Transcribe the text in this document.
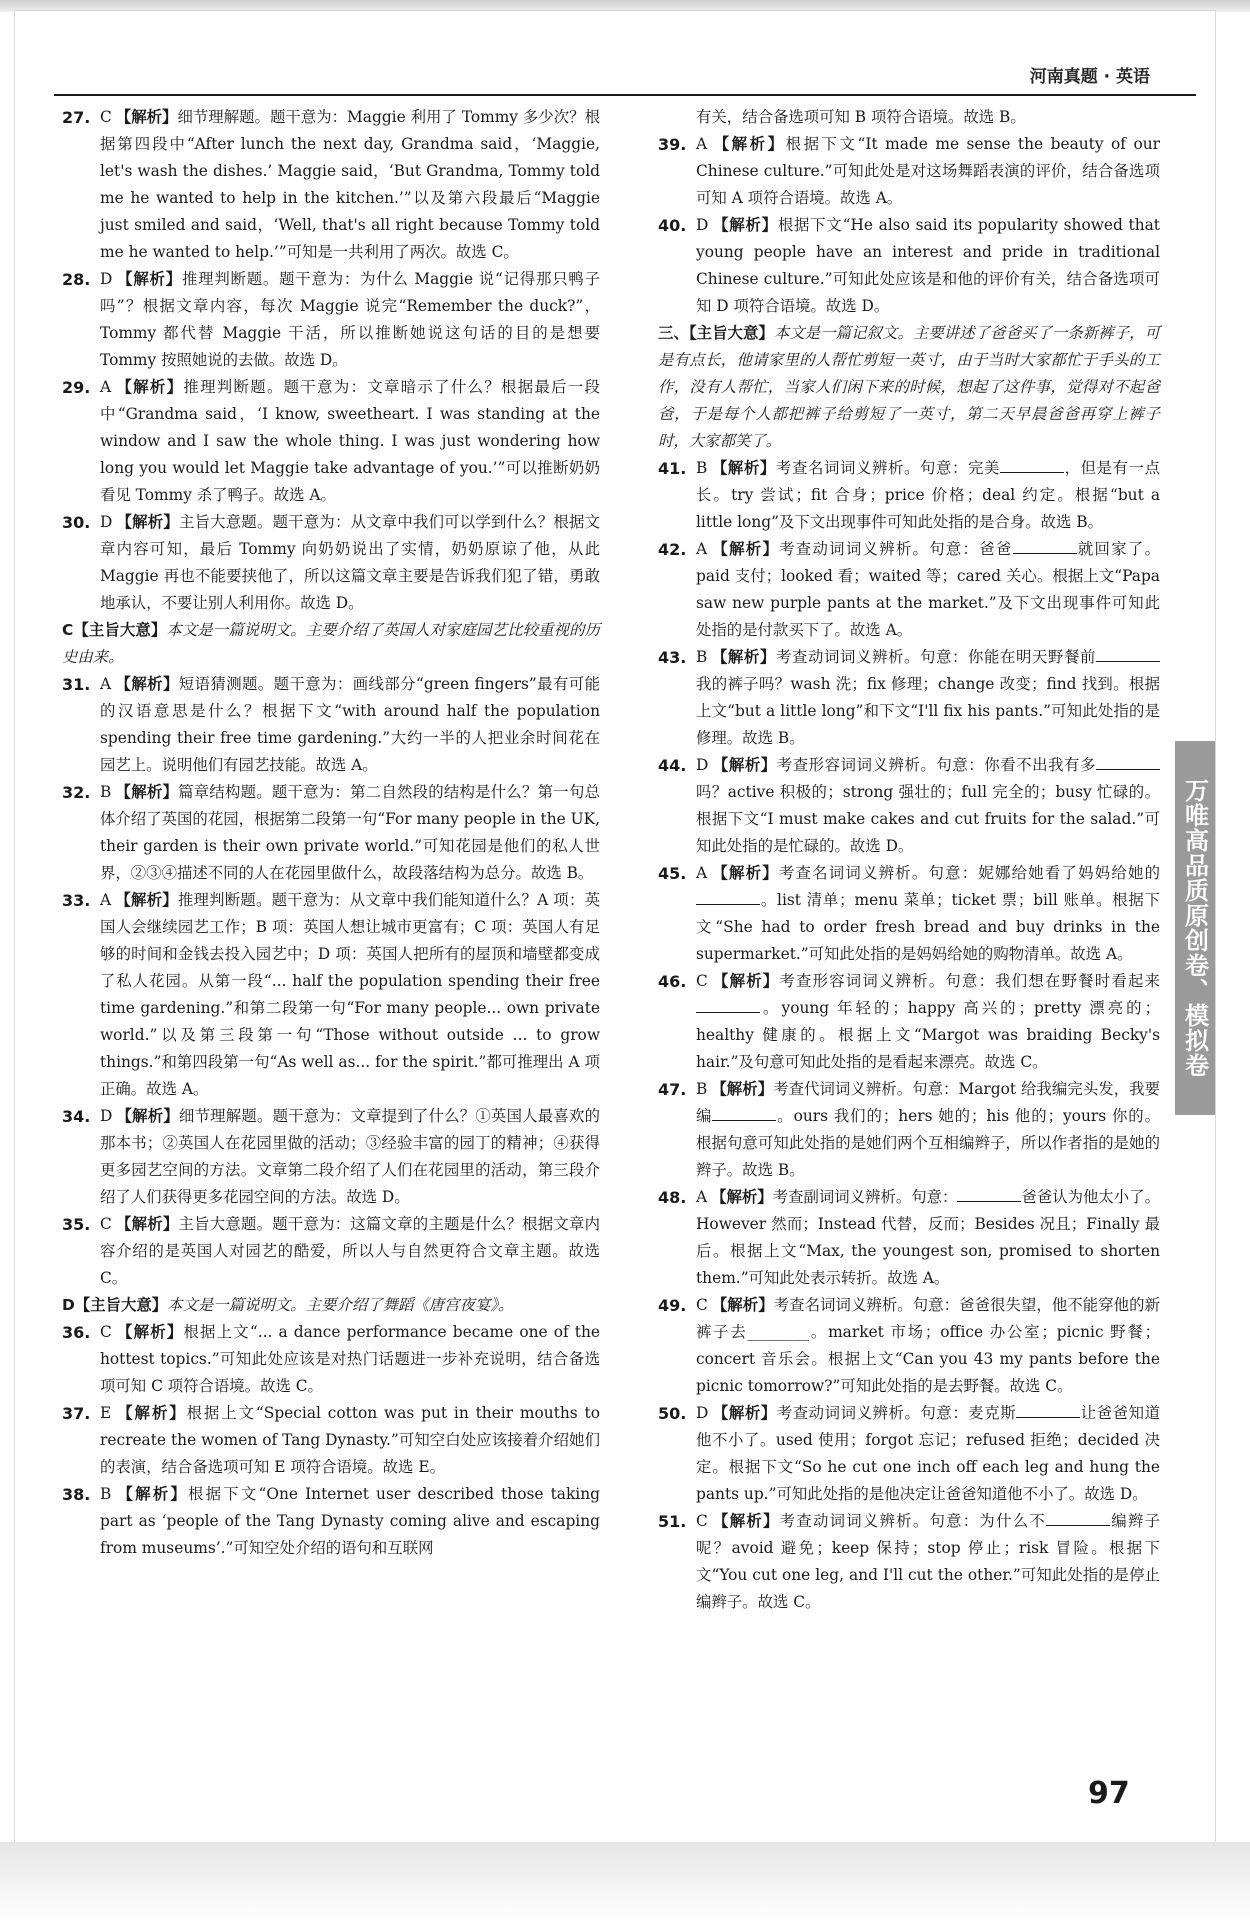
河南真题 · 英语
27. C 【解析】细节理解题。题干意为：Maggie 利用了 Tommy 多少次？根据第四段中“After lunch the next day, Grandma said，‘Maggie, let's wash the dishes.’ Maggie said，‘But Grandma, Tommy told me he wanted to help in the kitchen.’”以及第六段最后“Maggie just smiled and said，‘Well, that's all right because Tommy told me he wanted to help.’”可知是一共利用了两次。故选 C。
28. D 【解析】推理判断题。题干意为：为什么 Maggie 说“记得那只鸭子吗”？根据文章内容，每次 Maggie 说完“Remember the duck?”，Tommy 都代替 Maggie 干活，所以推断她说这句话的目的是想要 Tommy 按照她说的去做。故选 D。
29. A 【解析】推理判断题。题干意为：文章暗示了什么？根据最后一段中“Grandma said，‘I know, sweetheart. I was standing at the window and I saw the whole thing. I was just wondering how long you would let Maggie take advantage of you.’”可以推断奶奶看见 Tommy 杀了鸭子。故选 A。
30. D 【解析】主旨大意题。题干意为：从文章中我们可以学到什么？根据文章内容可知，最后 Tommy 向奶奶说出了实情，奶奶原谅了他，从此 Maggie 再也不能要挟他了，所以这篇文章主要是告诉我们犯了错，勇敢地承认，不要让别人利用你。故选 D。
C【主旨大意】本文是一篇说明文。主要介绍了英国人对家庭园艺比较重视的历史由来。
31. A 【解析】短语猜测题。题干意为：画线部分“green fingers”最有可能的汉语意思是什么？根据下文“with around half the population spending their free time gardening.”大约一半的人把业余时间花在园艺上。说明他们有园艺技能。故选 A。
32. B 【解析】篇章结构题。题干意为：第二自然段的结构是什么？第一句总体介绍了英国的花园，根据第二段第一句“For many people in the UK, their garden is their own private world.”可知花园是他们的私人世界，②③④描述不同的人在花园里做什么，故段落结构为总分。故选 B。
33. A 【解析】推理判断题。题干意为：从文章中我们能知道什么？A 项：英国人会继续园艺工作；B 项：英国人想让城市更富有；C 项：英国人有足够的时间和金钱去投入园艺中；D 项：英国人把所有的屋顶和墙壁都变成了私人花园。从第一段“... half the population spending their free time gardening.”和第二段第一句“For many people... own private world.”以及第三段第一句“Those without outside ... to grow things.”和第四段第一句“As well as... for the spirit.”都可推理出 A 项正确。故选 A。
34. D 【解析】细节理解题。题干意为：文章提到了什么？①英国人最喜欢的那本书；②英国人在花园里做的活动；③经验丰富的园丁的精神；④获得更多园艺空间的方法。文章第二段介绍了人们在花园里的活动，第三段介绍了人们获得更多花园空间的方法。故选 D。
35. C 【解析】主旨大意题。题干意为：这篇文章的主题是什么？根据文章内容介绍的是英国人对园艺的酷爱，所以人与自然更符合文章主题。故选 C。
D【主旨大意】本文是一篇说明文。主要介绍了舞蹈《唐宫夜宴》。
36. C 【解析】根据上文“... a dance performance became one of the hottest topics.”可知此处应该是对热门话题进一步补充说明，结合备选项可知 C 项符合语境。故选 C。
37. E 【解析】根据上文“Special cotton was put in their mouths to recreate the women of Tang Dynasty.”可知空白处应该接着介绍她们的表演，结合备选项可知 E 项符合语境。故选 E。
38. B 【解析】根据下文“One Internet user described those taking part as ‘people of the Tang Dynasty coming alive and escaping from museums’.”可知空处介绍的语句和互联网
有关，结合备选项可知 B 项符合语境。故选 B。
39. A 【解析】根据下文“It made me sense the beauty of our Chinese culture.”可知此处是对这场舞蹈表演的评价，结合备选项可知 A 项符合语境。故选 A。
40. D 【解析】根据下文“He also said its popularity showed that young people have an interest and pride in traditional Chinese culture.”可知此处应该是和他的评价有关，结合备选项可知 D 项符合语境。故选 D。
三、【主旨大意】本文是一篇记叙文。主要讲述了爸爸买了一条新裤子，可是有点长，他请家里的人帮忙剪短一英寸，由于当时大家都忙于手头的工作，没有人帮忙，当家人们闲下来的时候，想起了这件事，觉得对不起爸爸，于是每个人都把裤子给剪短了一英寸，第二天早晨爸爸再穿上裤子时，大家都笑了。
41. B 【解析】考查名词词义辨析。句意：完美	，但是有一点长。try 尝试；fit 合身；price 价格；deal 约定。根据“but a little long”及下文出现事件可知此处指的是合身。故选 B。
42. A 【解析】考查动词词义辨析。句意：爸爸	就回家了。paid 支付；looked 看；waited 等；cared 关心。根据上文“Papa saw new purple pants at the market.”及下文出现事件可知此处指的是付款买下了。故选 A。
43. B 【解析】考查动词词义辨析。句意：你能在明天野餐前我的裤子吗？wash 洗；fix 修理；change 改变；find 找到。根据上文“but a little long”和下文“I'll fix his pants.”可知此处指的是修理。故选 B。
44. D 【解析】考查形容词词义辨析。句意：你看不出我有多吗？active 积极的；strong 强壮的；full 完全的；busy 忙碌的。根据下文“I must make cakes and cut fruits for the salad.”可知此处指的是忙碌的。故选 D。
45. A 【解析】考查名词词义辨析。句意：妮娜给她看了妈妈给她的。list 清单；menu 菜单；ticket 票；bill 账单。根据下文“She had to order fresh bread and buy drinks in the supermarket.”可知此处指的是妈妈给她的购物清单。故选 A。
46. C 【解析】考查形容词词义辨析。句意：我们想在野餐时看起来。young 年轻的；happy 高兴的；pretty 漂亮的；healthy 健康的。根据上文“Margot was braiding Becky's hair.”及句意可知此处指的是看起来漂亮。故选 C。
47. B 【解析】考查代词词义辨析。句意：Margot 给我编完头发，我要编	。ours 我们的；hers 她的；his 他的；yours 你的。根据句意可知此处指的是她们两个互相编辫子，所以作者指的是她的辫子。故选 B。
48. A 【解析】考查副词词义辨析。句意：	爸爸认为他太小了。However 然而；Instead 代替，反而；Besides 况且；Finally 最后。根据上文“Max, the youngest son, promised to shorten them.”可知此处表示转折。故选 A。
49. C 【解析】考查名词词义辨析。句意：爸爸很失望，他不能穿他的新裤子去________。market 市场；office 办公室；picnic 野餐；concert 音乐会。根据上文“Can you 43 my pants before the picnic tomorrow?”可知此处指的是去野餐。故选 C。
50. D 【解析】考查动词词义辨析。句意：麦克斯	让爸爸知道他不小了。used 使用；forgot 忘记；refused 拒绝；decided 决定。根据下文“So he cut one inch off each leg and hung the pants up.”可知此处指的是他决定让爸爸知道他不小了。故选 D。
51. C 【解析】考查动词词义辨析。句意：为什么不	编辫子呢？avoid 避免；keep 保持；stop 停止；risk 冒险。根据下文“You cut one leg, and I'll cut the other.”可知此处指的是停止编辫子。故选 C。
万唯高品质原创卷、模拟卷
97
